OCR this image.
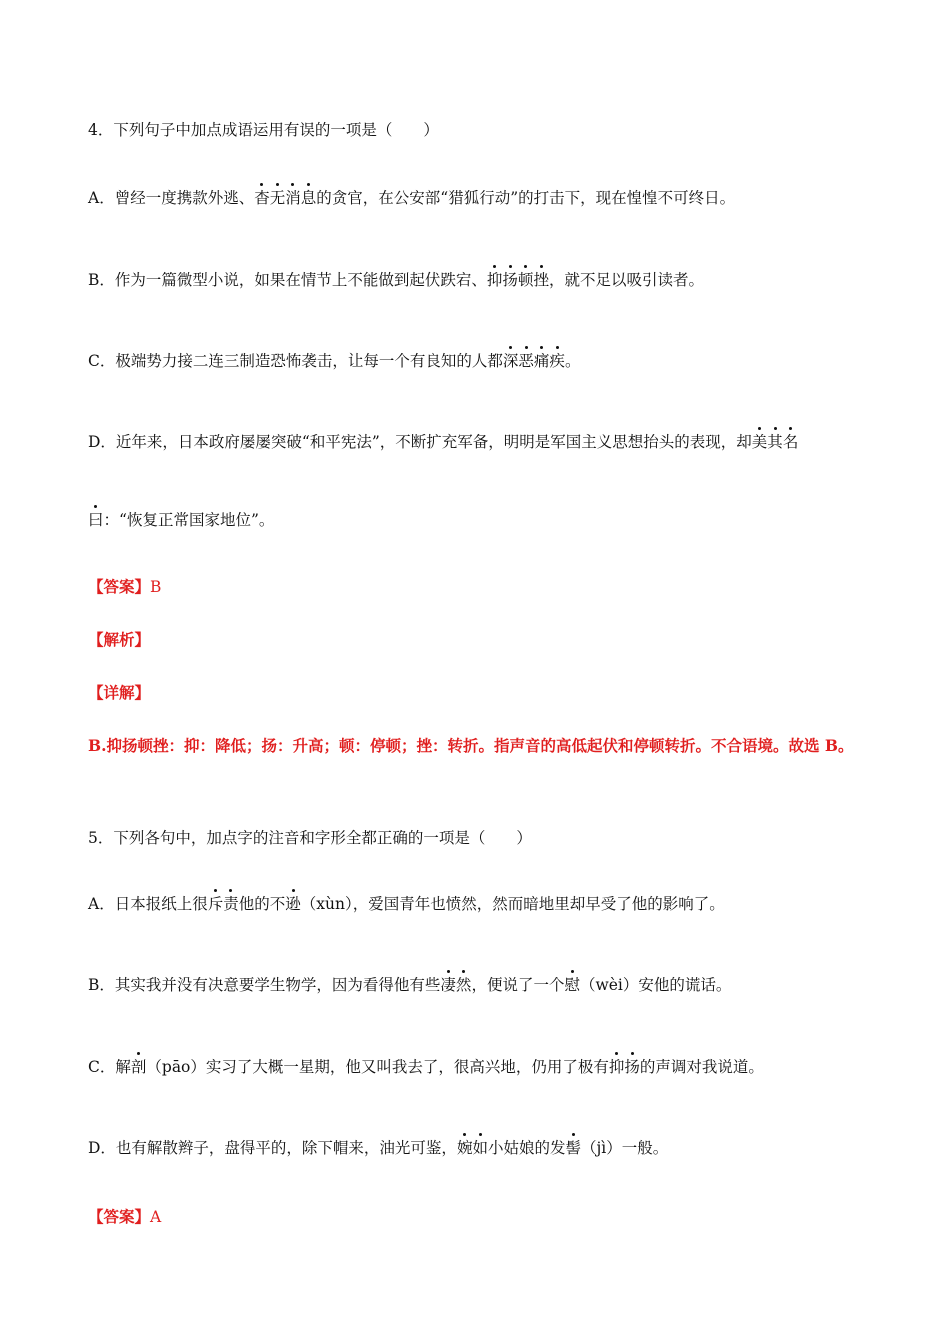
4．下列句子中加点成语运用有误的一项是（　　）
A．曾经一度携款外逃、杳无消息的贪官，在公安部“猎狐行动”的打击下，现在惶惶不可终日。
B．作为一篇微型小说，如果在情节上不能做到起伏跌宕、抑扬顿挫，就不足以吸引读者。
C．极端势力接二连三制造恐怖袭击，让每一个有良知的人都深恶痛疾。
D．近年来，日本政府屡屡突破“和平宪法”，不断扩充军备，明明是军国主义思想抬头的表现，却美其名
曰：“恢复正常国家地位”。
【答案】B
【解析】
【详解】
B.抑扬顿挫：抑：降低；扬：升高；顿：停顿；挫：转折。指声音的高低起伏和停顿转折。不合语境。故选 B。
5．下列各句中，加点字的注音和字形全都正确的一项是（　　）
A．日本报纸上很斥责他的不逊（xùn），爱国青年也愤然，然而暗地里却早受了他的影响了。
B．其实我并没有决意要学生物学，因为看得他有些凄然，便说了一个慰（wèi）安他的谎话。
C．解剖（pāo）实习了大概一星期，他又叫我去了，很高兴地，仍用了极有抑扬的声调对我说道。
D．也有解散辫子，盘得平的，除下帽来，油光可鉴，婉如小姑娘的发髻（jì）一般。
【答案】A
